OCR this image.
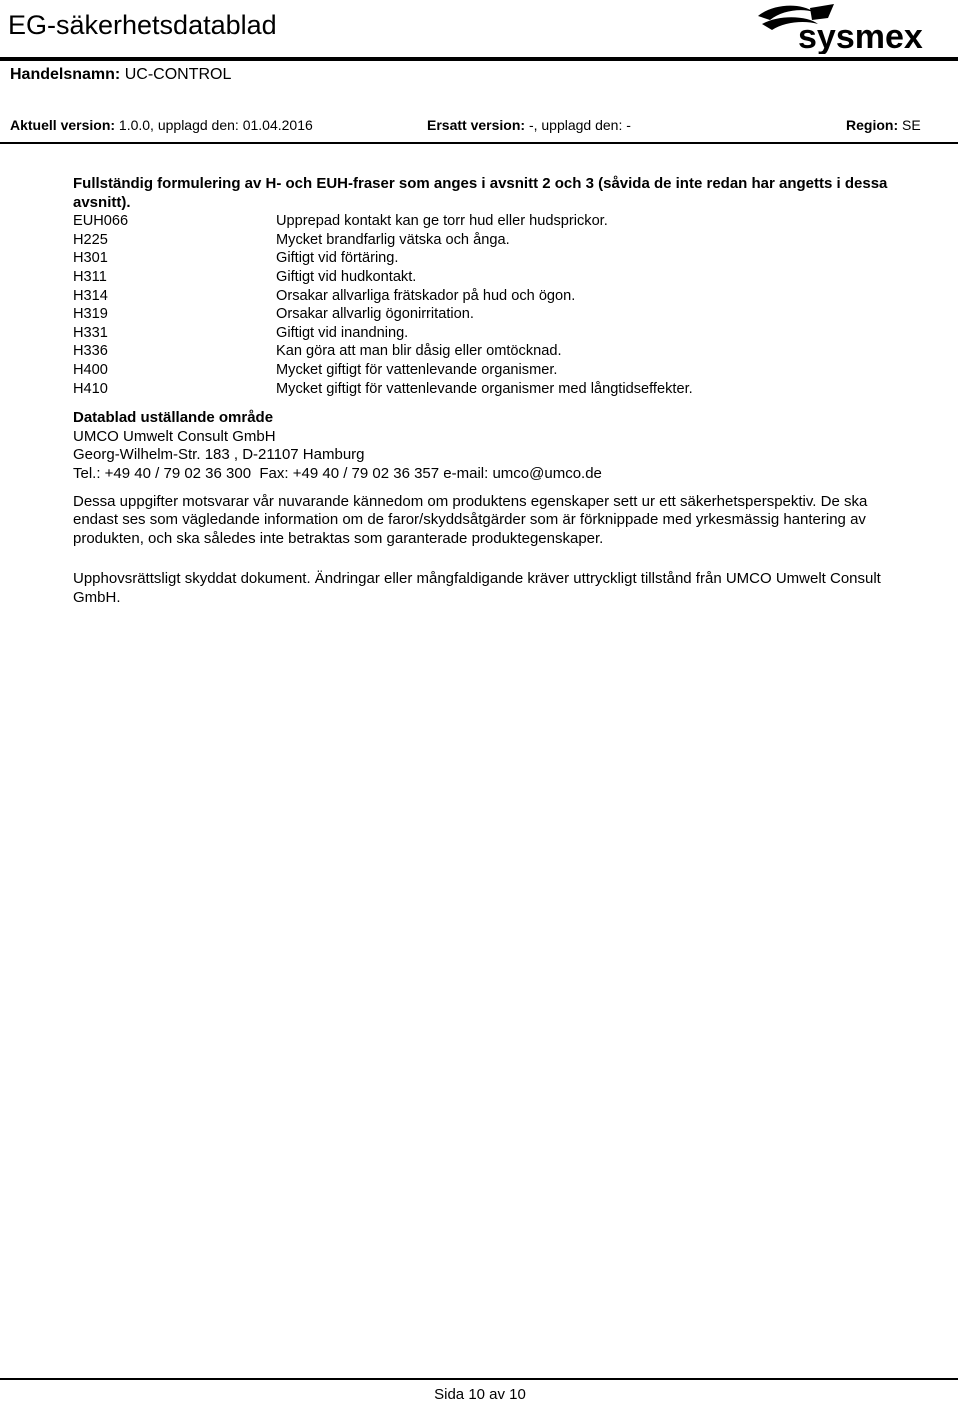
EG-säkerhetsdatablad	sysmex
Handelsnamn: UC-CONTROL
Aktuell version: 1.0.0, upplagd den: 01.04.2016	Ersatt version: -, upplagd den: -	Region: SE
Fullständig formulering av H- och EUH-fraser som anges i avsnitt 2 och 3 (såvida de inte redan har angetts i dessa avsnitt).
EUH066	Upprepad kontakt kan ge torr hud eller hudsprickor.
H225	Mycket brandfarlig vätska och ånga.
H301	Giftigt vid förtäring.
H311	Giftigt vid hudkontakt.
H314	Orsakar allvarliga frätskador på hud och ögon.
H319	Orsakar allvarlig ögonirritation.
H331	Giftigt vid inandning.
H336	Kan göra att man blir dåsig eller omtöcknad.
H400	Mycket giftigt för vattenlevande organismer.
H410	Mycket giftigt för vattenlevande organismer med långtidseffekter.
Datablad uställande område
UMCO Umwelt Consult GmbH
Georg-Wilhelm-Str. 183 , D-21107 Hamburg
Tel.: +49 40 / 79 02 36 300  Fax: +49 40 / 79 02 36 357 e-mail: umco@umco.de
Dessa uppgifter motsvarar vår nuvarande kännedom om produktens egenskaper sett ur ett säkerhetsperspektiv. De ska endast ses som vägledande information om de faror/skyddsåtgärder som är förknippade med yrkesmässig hantering av produkten, och ska således inte betraktas som garanterade produktegenskaper.
Upphovsrättsligt skyddat dokument. Ändringar eller mångfaldigande kräver uttryckligt tillstånd från UMCO Umwelt Consult GmbH.
Sida 10 av 10
